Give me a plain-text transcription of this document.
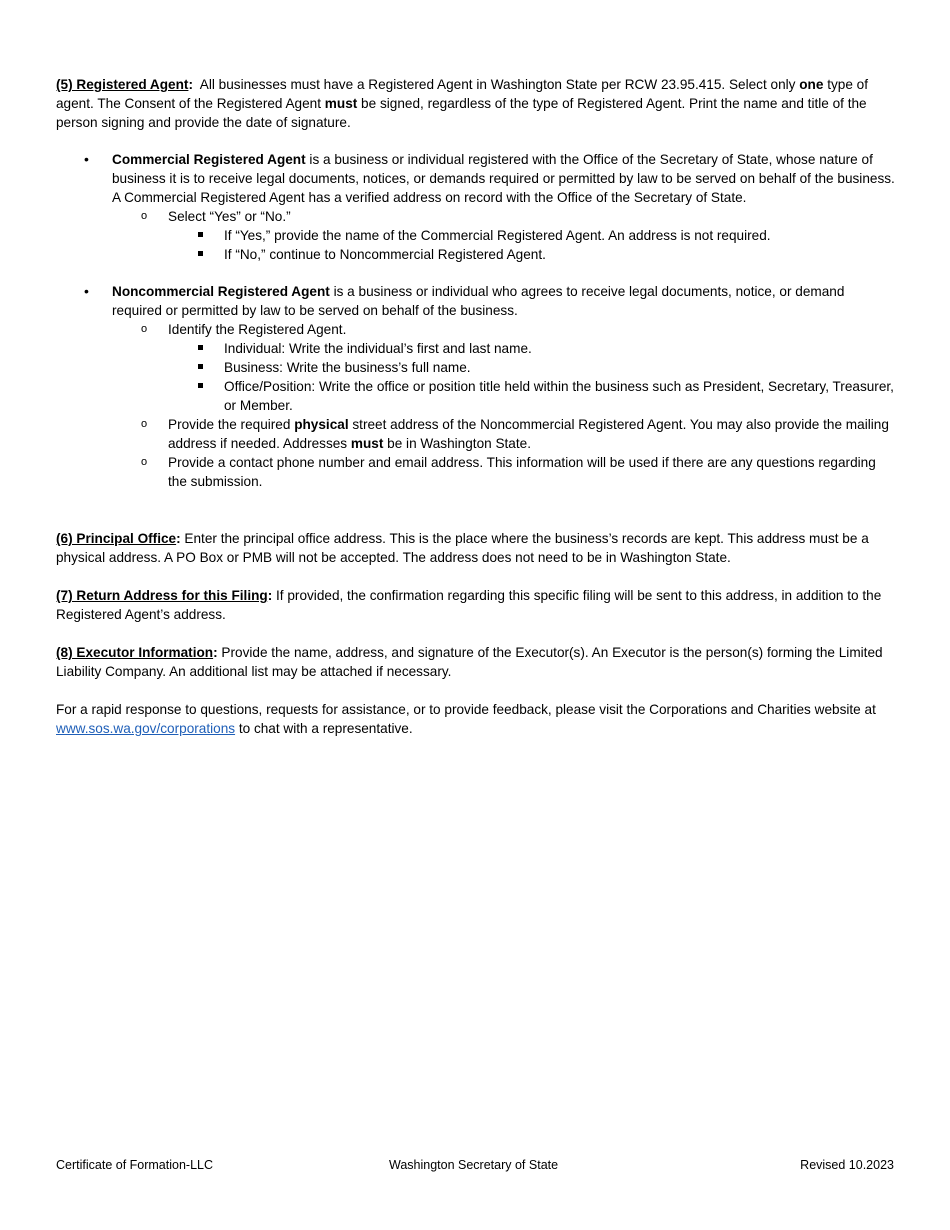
(5) Registered Agent: All businesses must have a Registered Agent in Washington State per RCW 23.95.415. Select only one type of agent. The Consent of the Registered Agent must be signed, regardless of the type of Registered Agent. Print the name and title of the person signing and provide the date of signature.

• Commercial Registered Agent is a business or individual registered with the Office of the Secretary of State, whose nature of business it is to receive legal documents, notices, or demands required or permitted by law to be served on behalf of the business. A Commercial Registered Agent has a verified address on record with the Office of the Secretary of State.
o Select “Yes” or “No.”
If “Yes,” provide the name of the Commercial Registered Agent. An address is not required.
If “No,” continue to Noncommercial Registered Agent.
• Noncommercial Registered Agent is a business or individual who agrees to receive legal documents, notice, or demand required or permitted by law to be served on behalf of the business.
o Identify the Registered Agent.
Individual: Write the individual’s first and last name.
Business: Write the business’s full name.
Office/Position: Write the office or position title held within the business such as President, Secretary, Treasurer, or Member.
o Provide the required physical street address of the Noncommercial Registered Agent. You may also provide the mailing address if needed. Addresses must be in Washington State.
o Provide a contact phone number and email address. This information will be used if there are any questions regarding the submission.

(6) Principal Office: Enter the principal office address. This is the place where the business’s records are kept. This address must be a physical address. A PO Box or PMB will not be accepted. The address does not need to be in Washington State.

(7) Return Address for this Filing: If provided, the confirmation regarding this specific filing will be sent to this address, in addition to the Registered Agent’s address.

(8) Executor Information: Provide the name, address, and signature of the Executor(s). An Executor is the person(s) forming the Limited Liability Company. An additional list may be attached if necessary.

For a rapid response to questions, requests for assistance, or to provide feedback, please visit the Corporations and Charities website at www.sos.wa.gov/corporations to chat with a representative.

Certificate of Formation-LLC	Washington Secretary of State	Revised 10.2023
